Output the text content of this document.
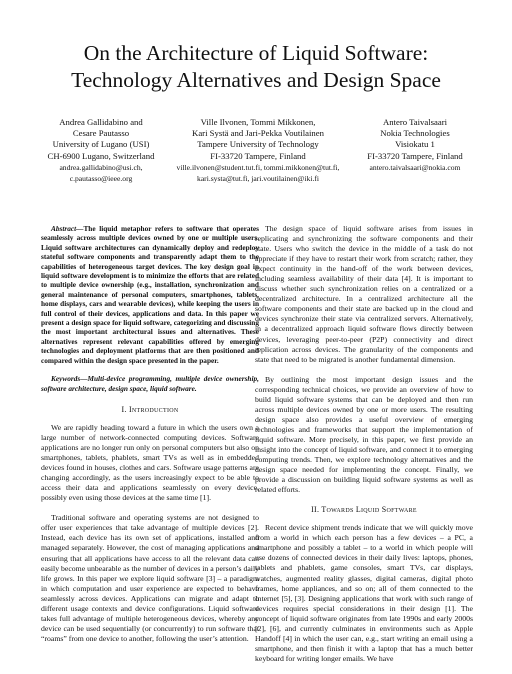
On the Architecture of Liquid Software:
Technology Alternatives and Design Space
Andrea Gallidabino and
Cesare Pautasso
University of Lugano (USI)
CH-6900 Lugano, Switzerland
andrea.gallidabino@usi.ch,
c.pautasso@ieee.org
Ville Ilvonen, Tommi Mikkonen,
Kari Systä and Jari-Pekka Voutilainen
Tampere University of Technology
FI-33720 Tampere, Finland
ville.ilvonen@student.tut.fi, tommi.mikkonen@tut.fi,
kari.systa@tut.fi, jari.voutilainen@iki.fi
Antero Taivalsaari
Nokia Technologies
Visiokatu 1
FI-33720 Tampere, Finland
antero.taivalsaari@nokia.com

Abstract—The liquid metaphor refers to software that operates seamlessly across multiple devices owned by one or multiple users. Liquid software architectures can dynamically deploy and redeploy stateful software components and transparently adapt them to the capabilities of heterogeneous target devices. The key design goal in liquid software development is to minimize the efforts that are related to multiple device ownership (e.g., installation, synchronization and general maintenance of personal computers, smartphones, tablets, home displays, cars and wearable devices), while keeping the users in full control of their devices, applications and data. In this paper we present a design space for liquid software, categorizing and discussing the most important architectural issues and alternatives. These alternatives represent relevant capabilities offered by emerging technologies and deployment platforms that are then positioned and compared within the design space presented in the paper.

Keywords—Multi-device programming, multiple device ownership, software architecture, design space, liquid software.

I. Introduction

We are rapidly heading toward a future in which the users own a large number of network-connected computing devices. Software applications are no longer run only on personal computers but also on smartphones, tablets, phablets, smart TVs as well as in embedded devices found in houses, clothes and cars. Software usage patterns are changing accordingly, as the users increasingly expect to be able to access their data and applications seamlessly on every device, possibly even using those devices at the same time [1].

Traditional software and operating systems are not designed to offer user experiences that take advantage of multiple devices [2]. Instead, each device has its own set of applications, installed and managed separately. However, the cost of managing applications and ensuring that all applications have access to all the relevant data can easily become unbearable as the number of devices in a person’s daily life grows. In this paper we explore liquid software [3] – a paradigm in which computation and user experience are expected to behave seamlessly across devices. Applications can migrate and adapt to different usage contexts and device configurations. Liquid software takes full advantage of multiple heterogeneous devices, whereby any device can be used sequentially (or concurrently) to run software that “roams” from one device to another, following the user’s attention.

The design space of liquid software arises from issues in replicating and synchronizing the software components and their state. Users who switch the device in the middle of a task do not appreciate if they have to restart their work from scratch; rather, they expect continuity in the hand-off of the work between devices, including seamless availability of their data [4]. It is important to discuss whether such synchronization relies on a centralized or a decentralized architecture. In a centralized architecture all the software components and their state are backed up in the cloud and devices synchronize their state via centralized servers. Alternatively, in a decentralized approach liquid software flows directly between devices, leveraging peer-to-peer (P2P) connectivity and direct replication across devices. The granularity of the components and state that need to be migrated is another fundamental dimension.

By outlining the most important design issues and the corresponding technical choices, we provide an overview of how to build liquid software systems that can be deployed and then run across multiple devices owned by one or more users. The resulting design space also provides a useful overview of emerging technologies and frameworks that support the implementation of liquid software. More precisely, in this paper, we first provide an insight into the concept of liquid software, and connect it to emerging computing trends. Then, we explore technology alternatives and the design space needed for implementing the concept. Finally, we provide a discussion on building liquid software systems as well as related efforts.

II. Towards Liquid Software

Recent device shipment trends indicate that we will quickly move from a world in which each person has a few devices – a PC, a smartphone and possibly a tablet – to a world in which people will use dozens of connected devices in their daily lives: laptops, phones, tablets and phablets, game consoles, smart TVs, car displays, watches, augmented reality glasses, digital cameras, digital photo frames, home appliances, and so on; all of them connected to the Internet [5], [3]. Designing applications that work with such range of devices requires special considerations in their design [1]. The concept of liquid software originates from late 1990s and early 2000s [2], [6], and currently culminates in environments such as Apple Handoff [4] in which the user can, e.g., start writing an email using a smartphone, and then finish it with a laptop that has a much better keyboard for writing longer emails. We have
